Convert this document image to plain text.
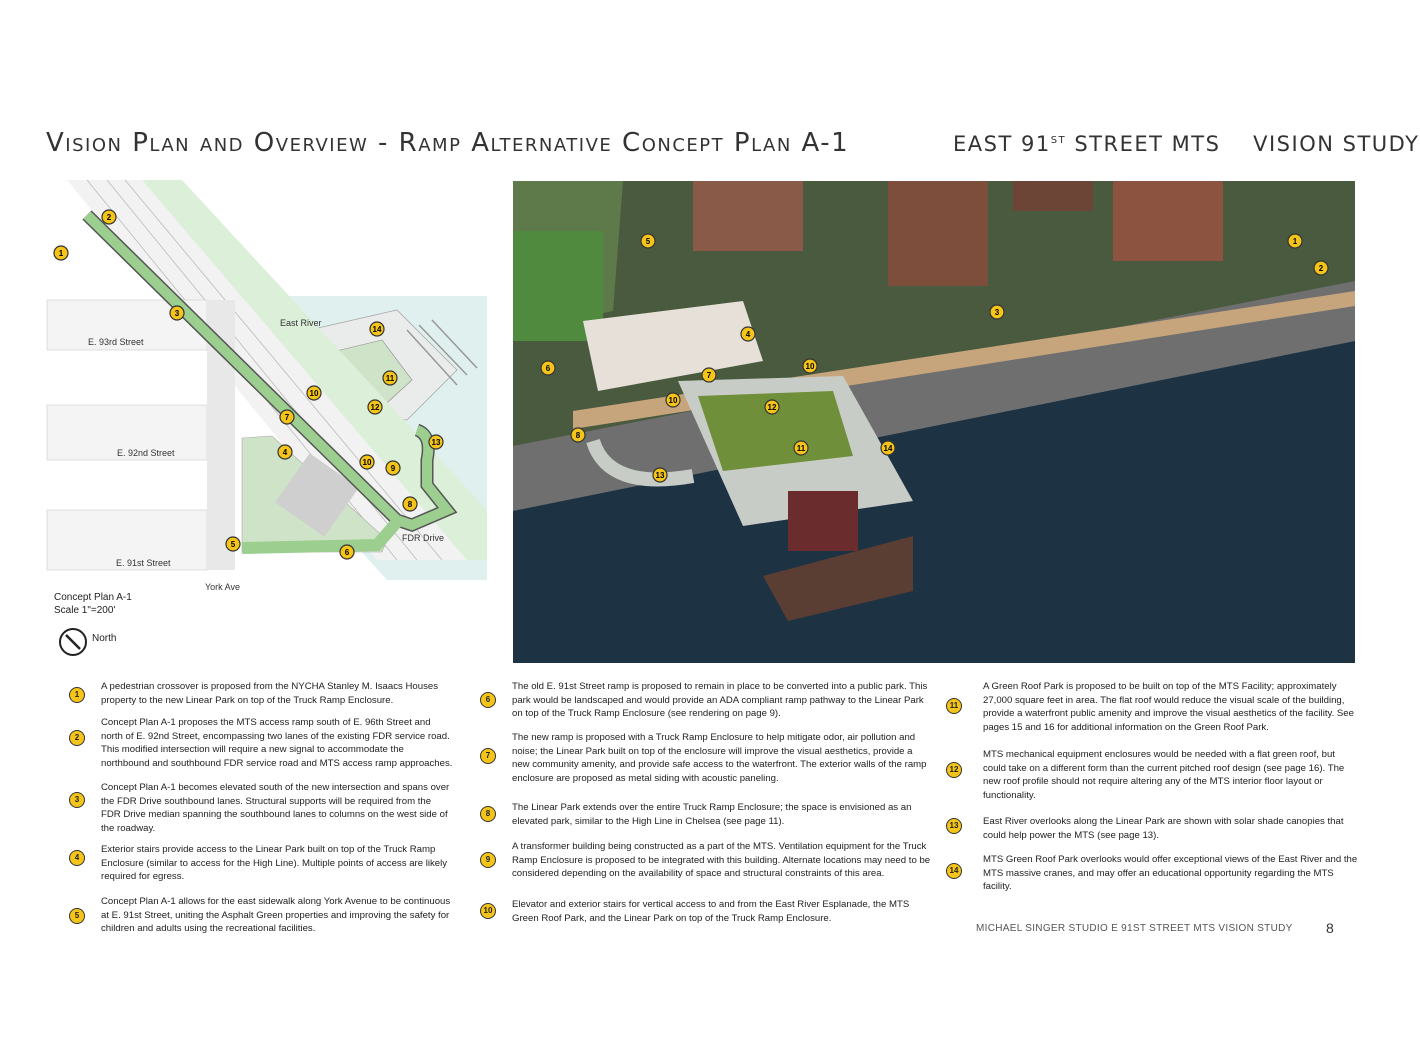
Vision Plan and Overview - Ramp Alternative Concept Plan A-1	EAST 91ST STREET MTS    VISION STUDY
East River
E. 93rd Street
E. 92nd Street
E. 91st Street
FDR Drive
York Ave
1
2
3
4
5
6
7
8
9
10
10
11
12
13
14
Concept Plan A-1
Scale 1"=200'
North
1
2
3
4
5
6
7
8
10
10
11
12
13
14
1
A pedestrian crossover is proposed from the NYCHA Stanley M. Isaacs Houses property to the new Linear Park on top of the Truck Ramp Enclosure.
2
Concept Plan A-1 proposes the MTS access ramp south of E. 96th Street and north of E. 92nd Street, encompassing two lanes of the existing FDR service road. This modified intersection will require a new signal to accommodate the northbound and southbound FDR service road and MTS access ramp approaches.
3
Concept Plan A-1 becomes elevated south of the new intersection and spans over the FDR Drive southbound lanes. Structural supports will be required from the FDR Drive median spanning the southbound lanes to columns on the west side of the roadway.
4
Exterior stairs provide access to the Linear Park built on top of the Truck Ramp Enclosure (similar to access for the High Line). Multiple points of access are likely required for egress.
5
Concept Plan A-1 allows for the east sidewalk along York Avenue to be continuous at E. 91st Street, uniting the Asphalt Green properties and improving the safety for children and adults using the recreational facilities.
6
The old E. 91st Street ramp is proposed to remain in place to be converted into a public park. This park would be landscaped and would provide an ADA compliant ramp pathway to the Linear Park on top of the Truck Ramp Enclosure (see rendering on page 9).
7
The new ramp is proposed with a Truck Ramp Enclosure to help mitigate odor, air pollution and noise; the Linear Park built on top of the enclosure will improve the visual aesthetics, provide a new community amenity, and provide safe access to the waterfront. The exterior walls of the ramp enclosure are proposed as metal siding with acoustic paneling.
8
The Linear Park extends over the entire Truck Ramp Enclosure; the space is envisioned as an elevated park, similar to the High Line in Chelsea (see page 11).
9
A transformer building being constructed as a part of the MTS. Ventilation equipment for the Truck Ramp Enclosure is proposed to be integrated with this building. Alternate locations may need to be considered depending on the availability of space and structural constraints of this area.
10
Elevator and exterior stairs for vertical access to and from the East River Esplanade, the MTS Green Roof Park, and the Linear Park on top of the Truck Ramp Enclosure.
11
A Green Roof Park is proposed to be built on top of the MTS Facility; approximately 27,000 square feet in area. The flat roof would reduce the visual scale of the building, provide a waterfront public amenity and improve the visual aesthetics of the facility. See pages 15 and 16 for additional information on the Green Roof Park.
12
MTS mechanical equipment enclosures would be needed with a flat green roof, but could take on a different form than the current pitched roof design (see page 16). The new roof profile should not require altering any of the MTS interior floor layout or functionality.
13	East River overlooks along the Linear Park are shown with solar shade canopies that could help power the MTS (see page 13).
14
MTS Green Roof Park overlooks would offer exceptional views of the East River and the MTS massive cranes, and may offer an educational opportunity regarding the MTS facility.
MICHAEL SINGER STUDIO E 91ST STREET MTS VISION STUDY 8
